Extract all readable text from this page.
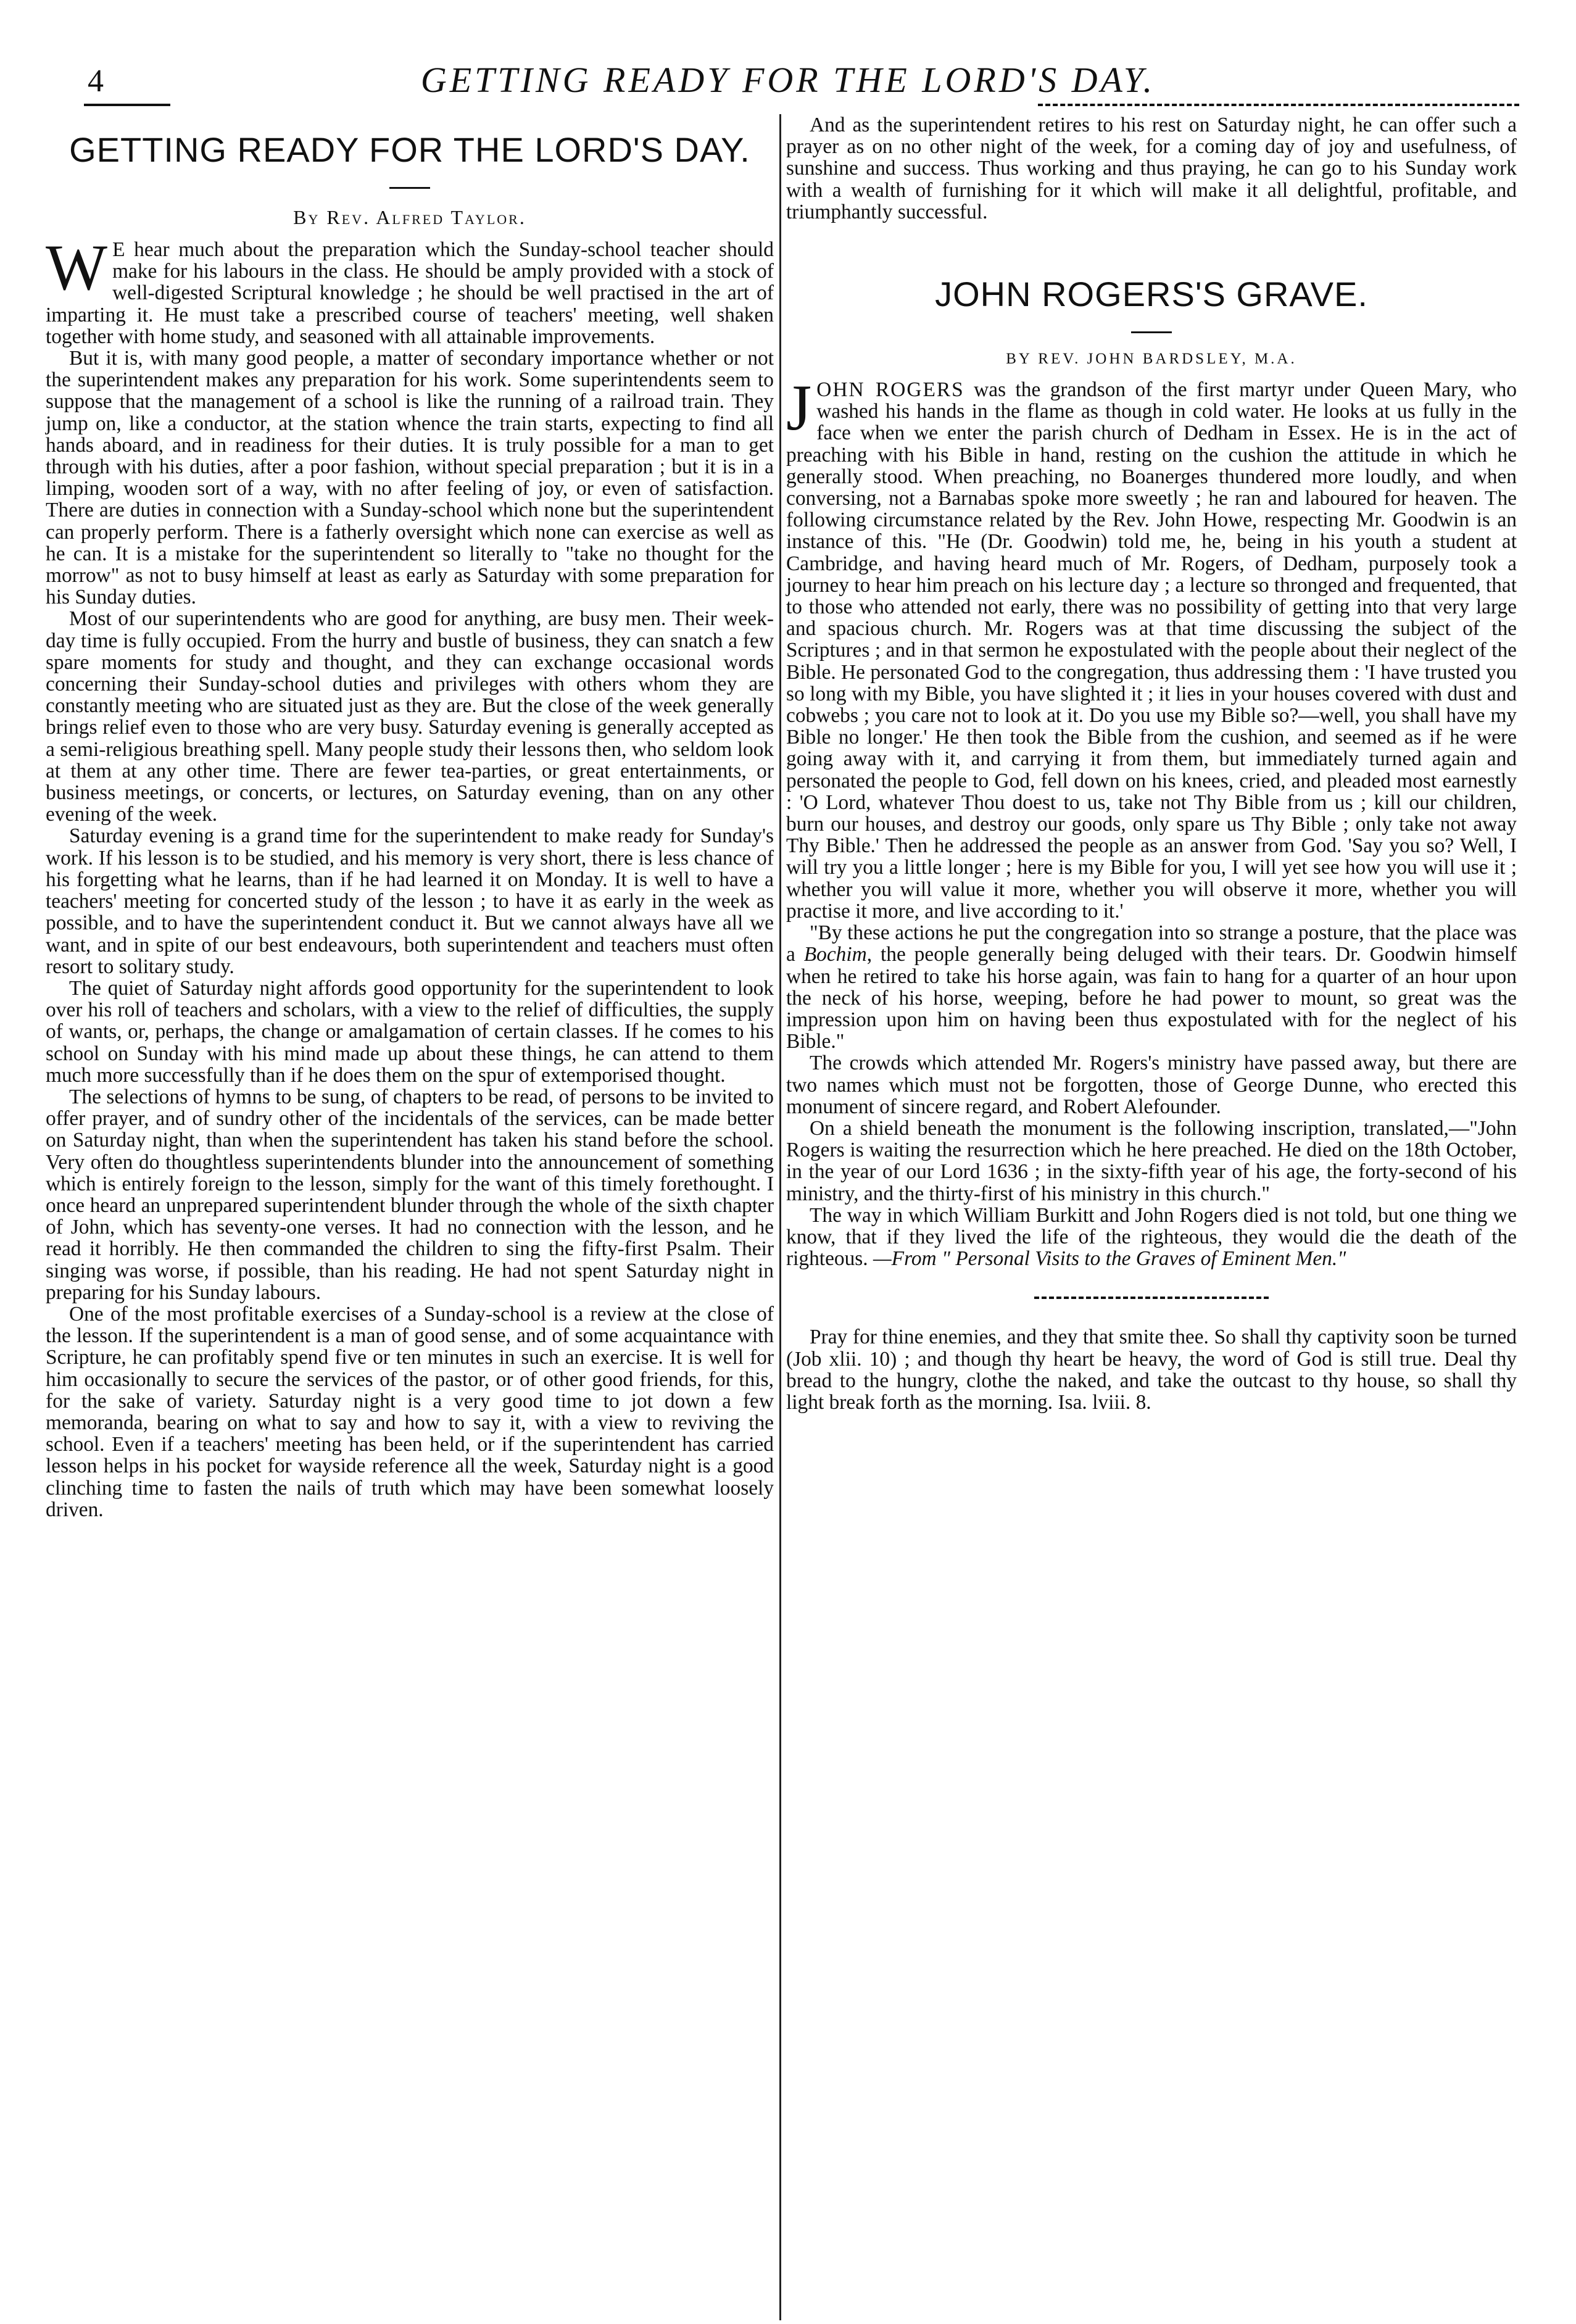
4	GETTING READY FOR THE LORD'S DAY.
GETTING READY FOR THE LORD'S DAY.
By Rev. Alfred Taylor.

W E hear much about the preparation which the Sunday-school teacher should make for his labours in the class. He should be amply provided with a stock of well-digested Scriptural knowledge ; he should be well practised in the art of imparting it. He must take a prescribed course of teachers' meeting, well shaken together with home study, and seasoned with all attainable improvements.

But it is, with many good people, a matter of secondary importance whether or not the superintendent makes any preparation for his work. Some superintendents seem to suppose that the management of a school is like the running of a railroad train. They jump on, like a conductor, at the station whence the train starts, expecting to find all hands aboard, and in readiness for their duties. It is truly possible for a man to get through with his duties, after a poor fashion, without special preparation ; but it is in a limping, wooden sort of a way, with no after feeling of joy, or even of satisfaction. There are duties in connection with a Sunday-school which none but the superintendent can properly perform. There is a fatherly oversight which none can exercise as well as he can. It is a mistake for the superintendent so literally to "take no thought for the morrow" as not to busy himself at least as early as Saturday with some preparation for his Sunday duties.

Most of our superintendents who are good for anything, are busy men. Their week-day time is fully occupied. From the hurry and bustle of business, they can snatch a few spare moments for study and thought, and they can exchange occasional words concerning their Sunday-school duties and privileges with others whom they are constantly meeting who are situated just as they are. But the close of the week generally brings relief even to those who are very busy. Saturday evening is generally accepted as a semi-religious breathing spell. Many people study their lessons then, who seldom look at them at any other time. There are fewer tea-parties, or great entertainments, or business meetings, or concerts, or lectures, on Saturday evening, than on any other evening of the week.

Saturday evening is a grand time for the superintendent to make ready for Sunday's work. If his lesson is to be studied, and his memory is very short, there is less chance of his forgetting what he learns, than if he had learned it on Monday. It is well to have a teachers' meeting for concerted study of the lesson ; to have it as early in the week as possible, and to have the superintendent conduct it. But we cannot always have all we want, and in spite of our best endeavours, both superintendent and teachers must often resort to solitary study.

The quiet of Saturday night affords good opportunity for the superintendent to look over his roll of teachers and scholars, with a view to the relief of difficulties, the supply of wants, or, perhaps, the change or amalgamation of certain classes. If he comes to his school on Sunday with his mind made up about these things, he can attend to them much more successfully than if he does them on the spur of extemporised thought.

The selections of hymns to be sung, of chapters to be read, of persons to be invited to offer prayer, and of sundry other of the incidentals of the services, can be made better on Saturday night, than when the superintendent has taken his stand before the school. Very often do thoughtless superintendents blunder into the announcement of something which is entirely foreign to the lesson, simply for the want of this timely forethought. I once heard an unprepared superintendent blunder through the whole of the sixth chapter of John, which has seventy-one verses. It had no connection with the lesson, and he read it horribly. He then commanded the children to sing the fifty-first Psalm. Their singing was worse, if possible, than his reading. He had not spent Saturday night in preparing for his Sunday labours.

One of the most profitable exercises of a Sunday-school is a review at the close of the lesson. If the superintendent is a man of good sense, and of some acquaintance with Scripture, he can profitably spend five or ten minutes in such an exercise. It is well for him occasionally to secure the services of the pastor, or of other good friends, for this, for the sake of variety. Saturday night is a very good time to jot down a few memoranda, bearing on what to say and how to say it, with a view to reviving the school. Even if a teachers' meeting has been held, or if the superintendent has carried lesson helps in his pocket for wayside reference all the week, Saturday night is a good clinching time to fasten the nails of truth which may have been somewhat loosely driven.

And as the superintendent retires to his rest on Saturday night, he can offer such a prayer as on no other night of the week, for a coming day of joy and usefulness, of sunshine and success. Thus working and thus praying, he can go to his Sunday work with a wealth of furnishing for it which will make it all delightful, profitable, and triumphantly successful.

JOHN ROGERS'S GRAVE.
BY REV. JOHN BARDSLEY, M.A.

JOHN ROGERS was the grandson of the first martyr under Queen Mary, who washed his hands in the flame as though in cold water. He looks at us fully in the face when we enter the parish church of Dedham in Essex. He is in the act of preaching with his Bible in hand, resting on the cushion the attitude in which he generally stood. When preaching, no Boanerges thundered more loudly, and when conversing, not a Barnabas spoke more sweetly ; he ran and laboured for heaven. The following circumstance related by the Rev. John Howe, respecting Mr. Goodwin is an instance of this. "He (Dr. Goodwin) told me, he, being in his youth a student at Cambridge, and having heard much of Mr. Rogers, of Dedham, purposely took a journey to hear him preach on his lecture day ; a lecture so thronged and frequented, that to those who attended not early, there was no possibility of getting into that very large and spacious church. Mr. Rogers was at that time discussing the subject of the Scriptures ; and in that sermon he expostulated with the people about their neglect of the Bible. He personated God to the congregation, thus addressing them : 'I have trusted you so long with my Bible, you have slighted it ; it lies in your houses covered with dust and cobwebs ; you care not to look at it. Do you use my Bible so?—well, you shall have my Bible no longer.' He then took the Bible from the cushion, and seemed as if he were going away with it, and carrying it from them, but immediately turned again and personated the people to God, fell down on his knees, cried, and pleaded most earnestly : 'O Lord, whatever Thou doest to us, take not Thy Bible from us ; kill our children, burn our houses, and destroy our goods, only spare us Thy Bible ; only take not away Thy Bible.' Then he addressed the people as an answer from God. 'Say you so? Well, I will try you a little longer ; here is my Bible for you, I will yet see how you will use it ; whether you will value it more, whether you will observe it more, whether you will practise it more, and live according to it.'

"By these actions he put the congregation into so strange a posture, that the place was a Bochim, the people generally being deluged with their tears. Dr. Goodwin himself when he retired to take his horse again, was fain to hang for a quarter of an hour upon the neck of his horse, weeping, before he had power to mount, so great was the impression upon him on having been thus expostulated with for the neglect of his Bible."

The crowds which attended Mr. Rogers's ministry have passed away, but there are two names which must not be forgotten, those of George Dunne, who erected this monument of sincere regard, and Robert Alefounder.

On a shield beneath the monument is the following inscription, translated,—"John Rogers is waiting the resurrection which he here preached. He died on the 18th October, in the year of our Lord 1636 ; in the sixty-fifth year of his age, the forty-second of his ministry, and the thirty-first of his ministry in this church."

The way in which William Burkitt and John Rogers died is not told, but one thing we know, that if they lived the life of the righteous, they would die the death of the righteous. —From " Personal Visits to the Graves of Eminent Men."

Pray for thine enemies, and they that smite thee. So shall thy captivity soon be turned (Job xlii. 10) ; and though thy heart be heavy, the word of God is still true. Deal thy bread to the hungry, clothe the naked, and take the outcast to thy house, so shall thy light break forth as the morning. Isa. lviii. 8.
